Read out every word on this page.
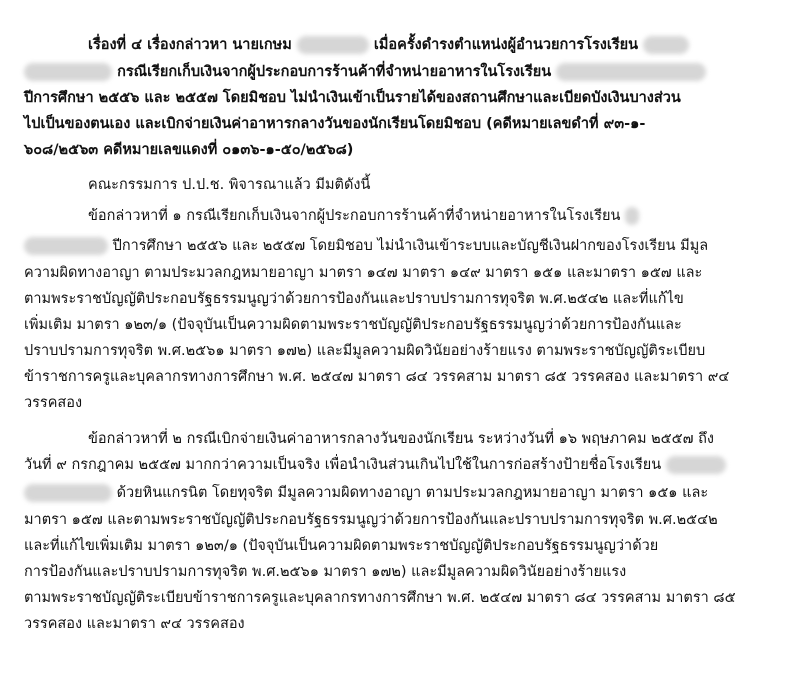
เรื่องที่ ๔ เรื่องกล่าวหา นายเกษม	เมื่อครั้งดำรงตำแหน่งผู้อำนวยการโรงเรียน
กรณีเรียกเก็บเงินจากผู้ประกอบการร้านค้าที่จำหน่ายอาหารในโรงเรียน
ปีการศึกษา ๒๕๕๖ และ ๒๕๕๗ โดยมิชอบ ไม่นำเงินเข้าเป็นรายได้ของสถานศึกษาและเบียดบังเงินบางส่วน
ไปเป็นของตนเอง และเบิกจ่ายเงินค่าอาหารกลางวันของนักเรียนโดยมิชอบ (คดีหมายเลขดำที่ ๙๓-๑-
๖๐๘/๒๕๖๓ คดีหมายเลขแดงที่ ๐๑๓๖-๑-๕๐/๒๕๖๘)
คณะกรรมการ ป.ป.ช. พิจารณาแล้ว มีมติดังนี้
ข้อกล่าวหาที่ ๑ กรณีเรียกเก็บเงินจากผู้ประกอบการร้านค้าที่จำหน่ายอาหารในโรงเรียน
ปีการศึกษา ๒๕๕๖ และ ๒๕๕๗ โดยมิชอบ ไม่นำเงินเข้าระบบและบัญชีเงินฝากของโรงเรียน มีมูล
ความผิดทางอาญา ตามประมวลกฎหมายอาญา มาตรา ๑๔๗ มาตรา ๑๔๙ มาตรา ๑๕๑ และมาตรา ๑๕๗ และ
ตามพระราชบัญญัติประกอบรัฐธรรมนูญว่าด้วยการป้องกันและปราบปรามการทุจริต พ.ศ.๒๕๔๒ และที่แก้ไข
เพิ่มเติม มาตรา ๑๒๓/๑ (ปัจจุบันเป็นความผิดตามพระราชบัญญัติประกอบรัฐธรรมนูญว่าด้วยการป้องกันและ
ปราบปรามการทุจริต พ.ศ.๒๕๖๑ มาตรา ๑๗๒) และมีมูลความผิดวินัยอย่างร้ายแรง ตามพระราชบัญญัติระเบียบ
ข้าราชการครูและบุคลากรทางการศึกษา พ.ศ. ๒๕๔๗ มาตรา ๘๔ วรรคสาม มาตรา ๘๕ วรรคสอง และมาตรา ๙๔
วรรคสอง
ข้อกล่าวหาที่ ๒ กรณีเบิกจ่ายเงินค่าอาหารกลางวันของนักเรียน ระหว่างวันที่ ๑๖ พฤษภาคม ๒๕๕๗ ถึง
วันที่ ๙ กรกฎาคม ๒๕๕๗ มากกว่าความเป็นจริง เพื่อนำเงินส่วนเกินไปใช้ในการก่อสร้างป้ายชื่อโรงเรียน
ด้วยหินแกรนิต โดยทุจริต มีมูลความผิดทางอาญา ตามประมวลกฎหมายอาญา มาตรา ๑๕๑ และ
มาตรา ๑๕๗ และตามพระราชบัญญัติประกอบรัฐธรรมนูญว่าด้วยการป้องกันและปราบปรามการทุจริต พ.ศ.๒๕๔๒
และที่แก้ไขเพิ่มเติม มาตรา ๑๒๓/๑ (ปัจจุบันเป็นความผิดตามพระราชบัญญัติประกอบรัฐธรรมนูญว่าด้วย
การป้องกันและปราบปรามการทุจริต พ.ศ.๒๕๖๑ มาตรา ๑๗๒) และมีมูลความผิดวินัยอย่างร้ายแรง
ตามพระราชบัญญัติระเบียบข้าราชการครูและบุคลากรทางการศึกษา พ.ศ. ๒๕๔๗ มาตรา ๘๔ วรรคสาม มาตรา ๘๕
วรรคสอง และมาตรา ๙๔ วรรคสอง
